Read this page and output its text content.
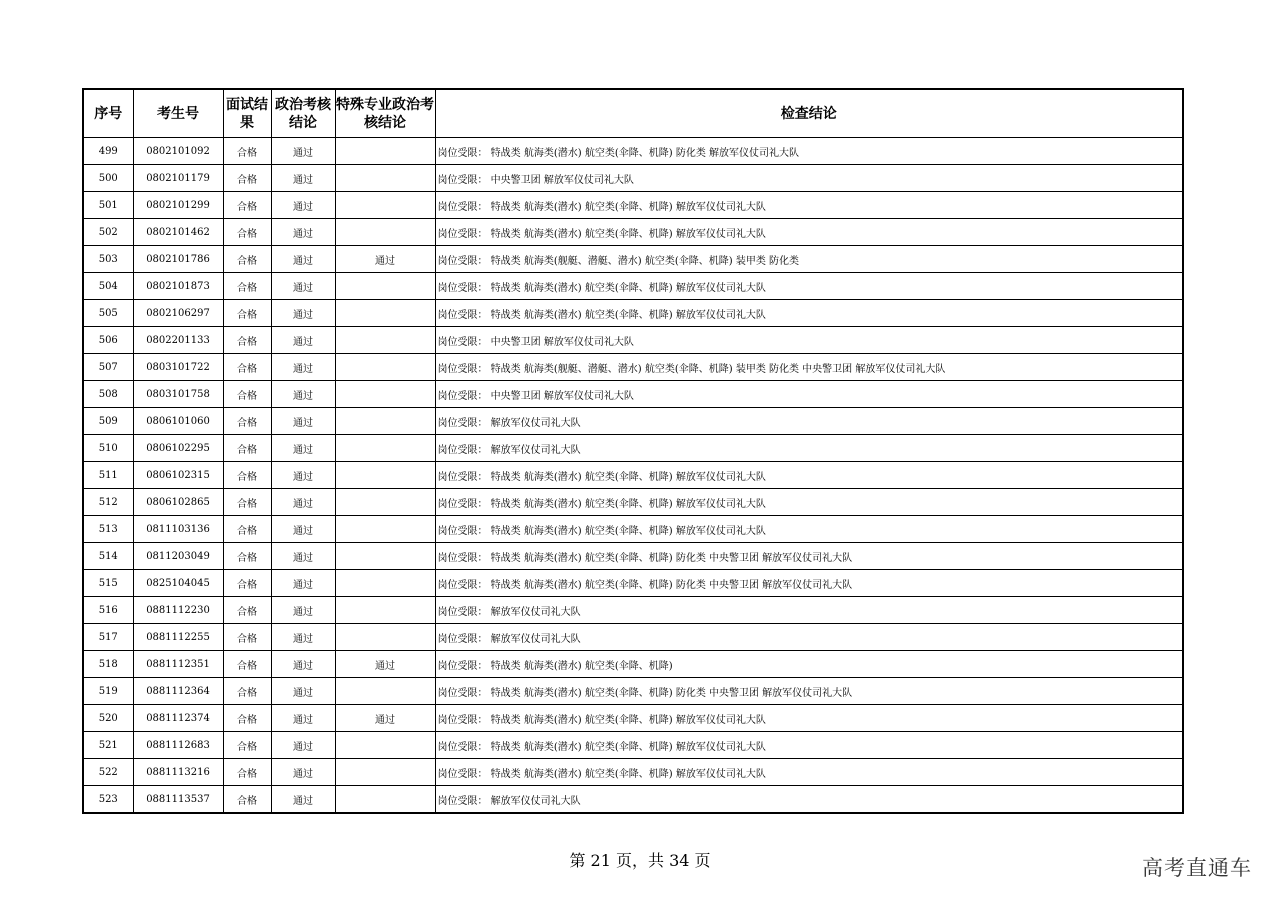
序号	考生号	面试结果	政治考核结论	特殊专业政治考核结论	检查结论
499	0802101092	合格	通过		岗位受限： 特战类 航海类(潜水) 航空类(伞降、机降) 防化类 解放军仪仗司礼大队
500	0802101179	合格	通过		岗位受限： 中央警卫团 解放军仪仗司礼大队
501	0802101299	合格	通过		岗位受限： 特战类 航海类(潜水) 航空类(伞降、机降) 解放军仪仗司礼大队
502	0802101462	合格	通过		岗位受限： 特战类 航海类(潜水) 航空类(伞降、机降) 解放军仪仗司礼大队
503	0802101786	合格	通过	通过	岗位受限： 特战类 航海类(舰艇、潜艇、潜水) 航空类(伞降、机降) 装甲类 防化类
504	0802101873	合格	通过		岗位受限： 特战类 航海类(潜水) 航空类(伞降、机降) 解放军仪仗司礼大队
505	0802106297	合格	通过		岗位受限： 特战类 航海类(潜水) 航空类(伞降、机降) 解放军仪仗司礼大队
506	0802201133	合格	通过		岗位受限： 中央警卫团 解放军仪仗司礼大队
507	0803101722	合格	通过		岗位受限： 特战类 航海类(舰艇、潜艇、潜水) 航空类(伞降、机降) 装甲类 防化类 中央警卫团 解放军仪仗司礼大队
508	0803101758	合格	通过		岗位受限： 中央警卫团 解放军仪仗司礼大队
509	0806101060	合格	通过		岗位受限： 解放军仪仗司礼大队
510	0806102295	合格	通过		岗位受限： 解放军仪仗司礼大队
511	0806102315	合格	通过		岗位受限： 特战类 航海类(潜水) 航空类(伞降、机降) 解放军仪仗司礼大队
512	0806102865	合格	通过		岗位受限： 特战类 航海类(潜水) 航空类(伞降、机降) 解放军仪仗司礼大队
513	0811103136	合格	通过		岗位受限： 特战类 航海类(潜水) 航空类(伞降、机降) 解放军仪仗司礼大队
514	0811203049	合格	通过		岗位受限： 特战类 航海类(潜水) 航空类(伞降、机降) 防化类 中央警卫团 解放军仪仗司礼大队
515	0825104045	合格	通过		岗位受限： 特战类 航海类(潜水) 航空类(伞降、机降) 防化类 中央警卫团 解放军仪仗司礼大队
516	0881112230	合格	通过		岗位受限： 解放军仪仗司礼大队
517	0881112255	合格	通过		岗位受限： 解放军仪仗司礼大队
518	0881112351	合格	通过	通过	岗位受限： 特战类 航海类(潜水) 航空类(伞降、机降)
519	0881112364	合格	通过		岗位受限： 特战类 航海类(潜水) 航空类(伞降、机降) 防化类 中央警卫团 解放军仪仗司礼大队
520	0881112374	合格	通过	通过	岗位受限： 特战类 航海类(潜水) 航空类(伞降、机降) 解放军仪仗司礼大队
521	0881112683	合格	通过		岗位受限： 特战类 航海类(潜水) 航空类(伞降、机降) 解放军仪仗司礼大队
522	0881113216	合格	通过		岗位受限： 特战类 航海类(潜水) 航空类(伞降、机降) 解放军仪仗司礼大队
523	0881113537	合格	通过		岗位受限： 解放军仪仗司礼大队
第 21 页，共 34 页	高考直通车
